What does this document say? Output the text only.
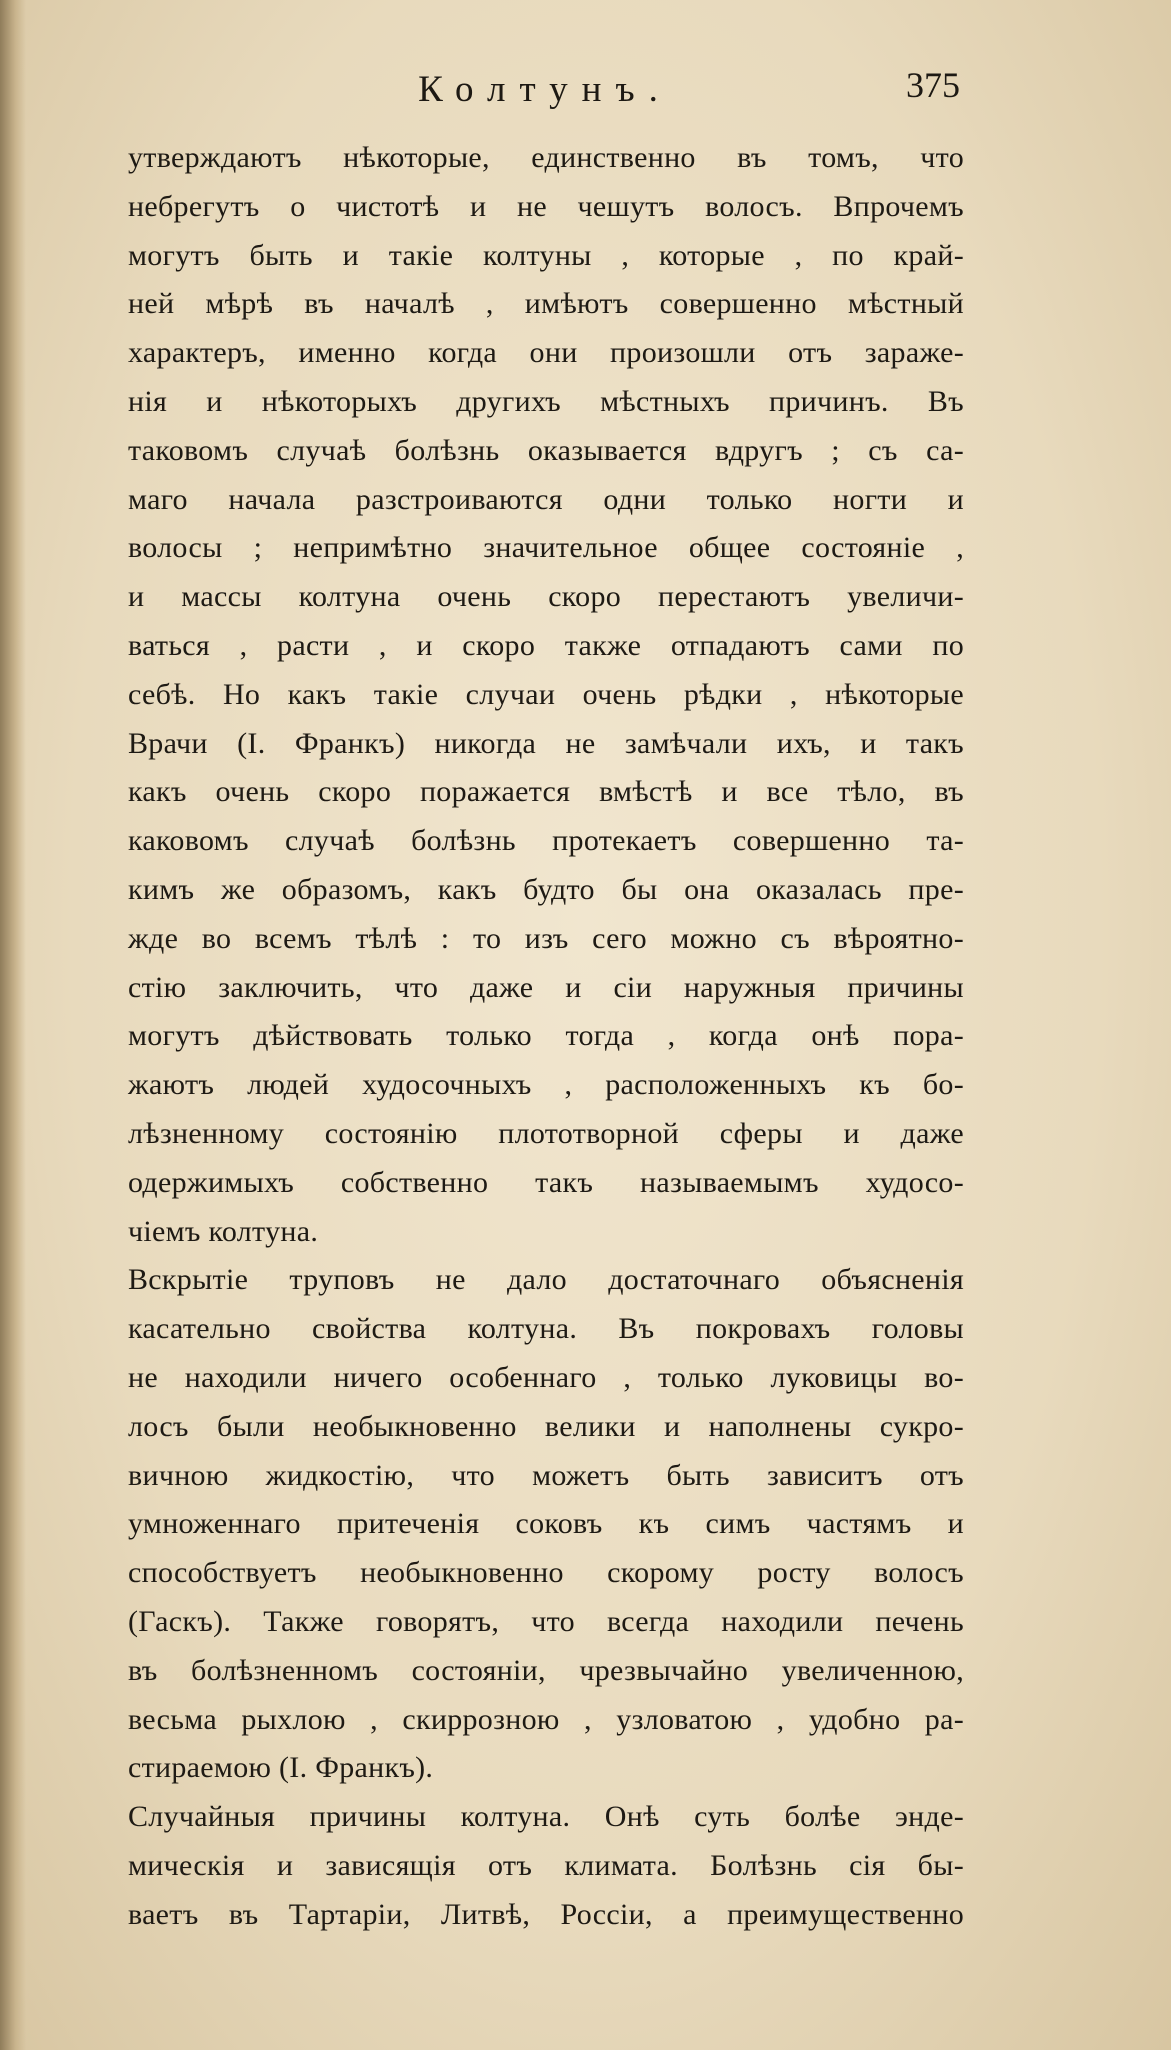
Колтунъ.	375
утверждаютъ нѣкоторые, единственно въ томъ, что
небрегутъ о чистотѣ и не чешутъ волосъ. Впрочемъ
могутъ быть и такіе колтуны , которые , по край-
ней мѣрѣ въ началѣ , имѣютъ совершенно мѣстный
характеръ, именно когда они произошли отъ зараже-
нія и нѣкоторыхъ другихъ мѣстныхъ причинъ. Въ
таковомъ случаѣ болѣзнь оказывается вдругъ ; съ са-
маго начала разстроиваются одни только ногти и
волосы ; непримѣтно значительное общее состояніе ,
и массы колтуна очень скоро перестаютъ увеличи-
ваться , расти , и скоро также отпадаютъ сами по
себѣ. Но какъ такіе случаи очень рѣдки , нѣкоторые
Врачи (І. Франкъ) никогда не замѣчали ихъ, и такъ
какъ очень скоро поражается вмѣстѣ и все тѣло, въ
каковомъ случаѣ болѣзнь протекаетъ совершенно та-
кимъ же образомъ, какъ будто бы она оказалась пре-
жде во всемъ тѣлѣ : то изъ сего можно съ вѣроятно-
стію заключить, что даже и сіи наружныя причины
могутъ дѣйствовать только тогда , когда онѣ пора-
жаютъ людей худосочныхъ , расположенныхъ къ бо-
лѣзненному состоянію плототворной сферы и даже
одержимыхъ собственно такъ называемымъ худосо-
чіемъ колтуна.
Вскрытіе труповъ не дало достаточнаго объясненія
касательно свойства колтуна. Въ покровахъ головы
не находили ничего особеннаго , только луковицы во-
лосъ были необыкновенно велики и наполнены сукро-
вичною жидкостію, что можетъ быть зависитъ отъ
умноженнаго притеченія соковъ къ симъ частямъ и
способствуетъ необыкновенно скорому росту волосъ
(Гаскъ). Также говорятъ, что всегда находили печень
въ болѣзненномъ состояніи, чрезвычайно увеличенною,
весьма рыхлою , скиррозною , узловатою , удобно ра-
стираемою (І. Франкъ).
Случайныя причины колтуна. Онѣ суть болѣе энде-
мическія и зависящія отъ климата. Болѣзнь сія бы-
ваетъ въ Тартаріи, Литвѣ, Россіи, а преимущественно
